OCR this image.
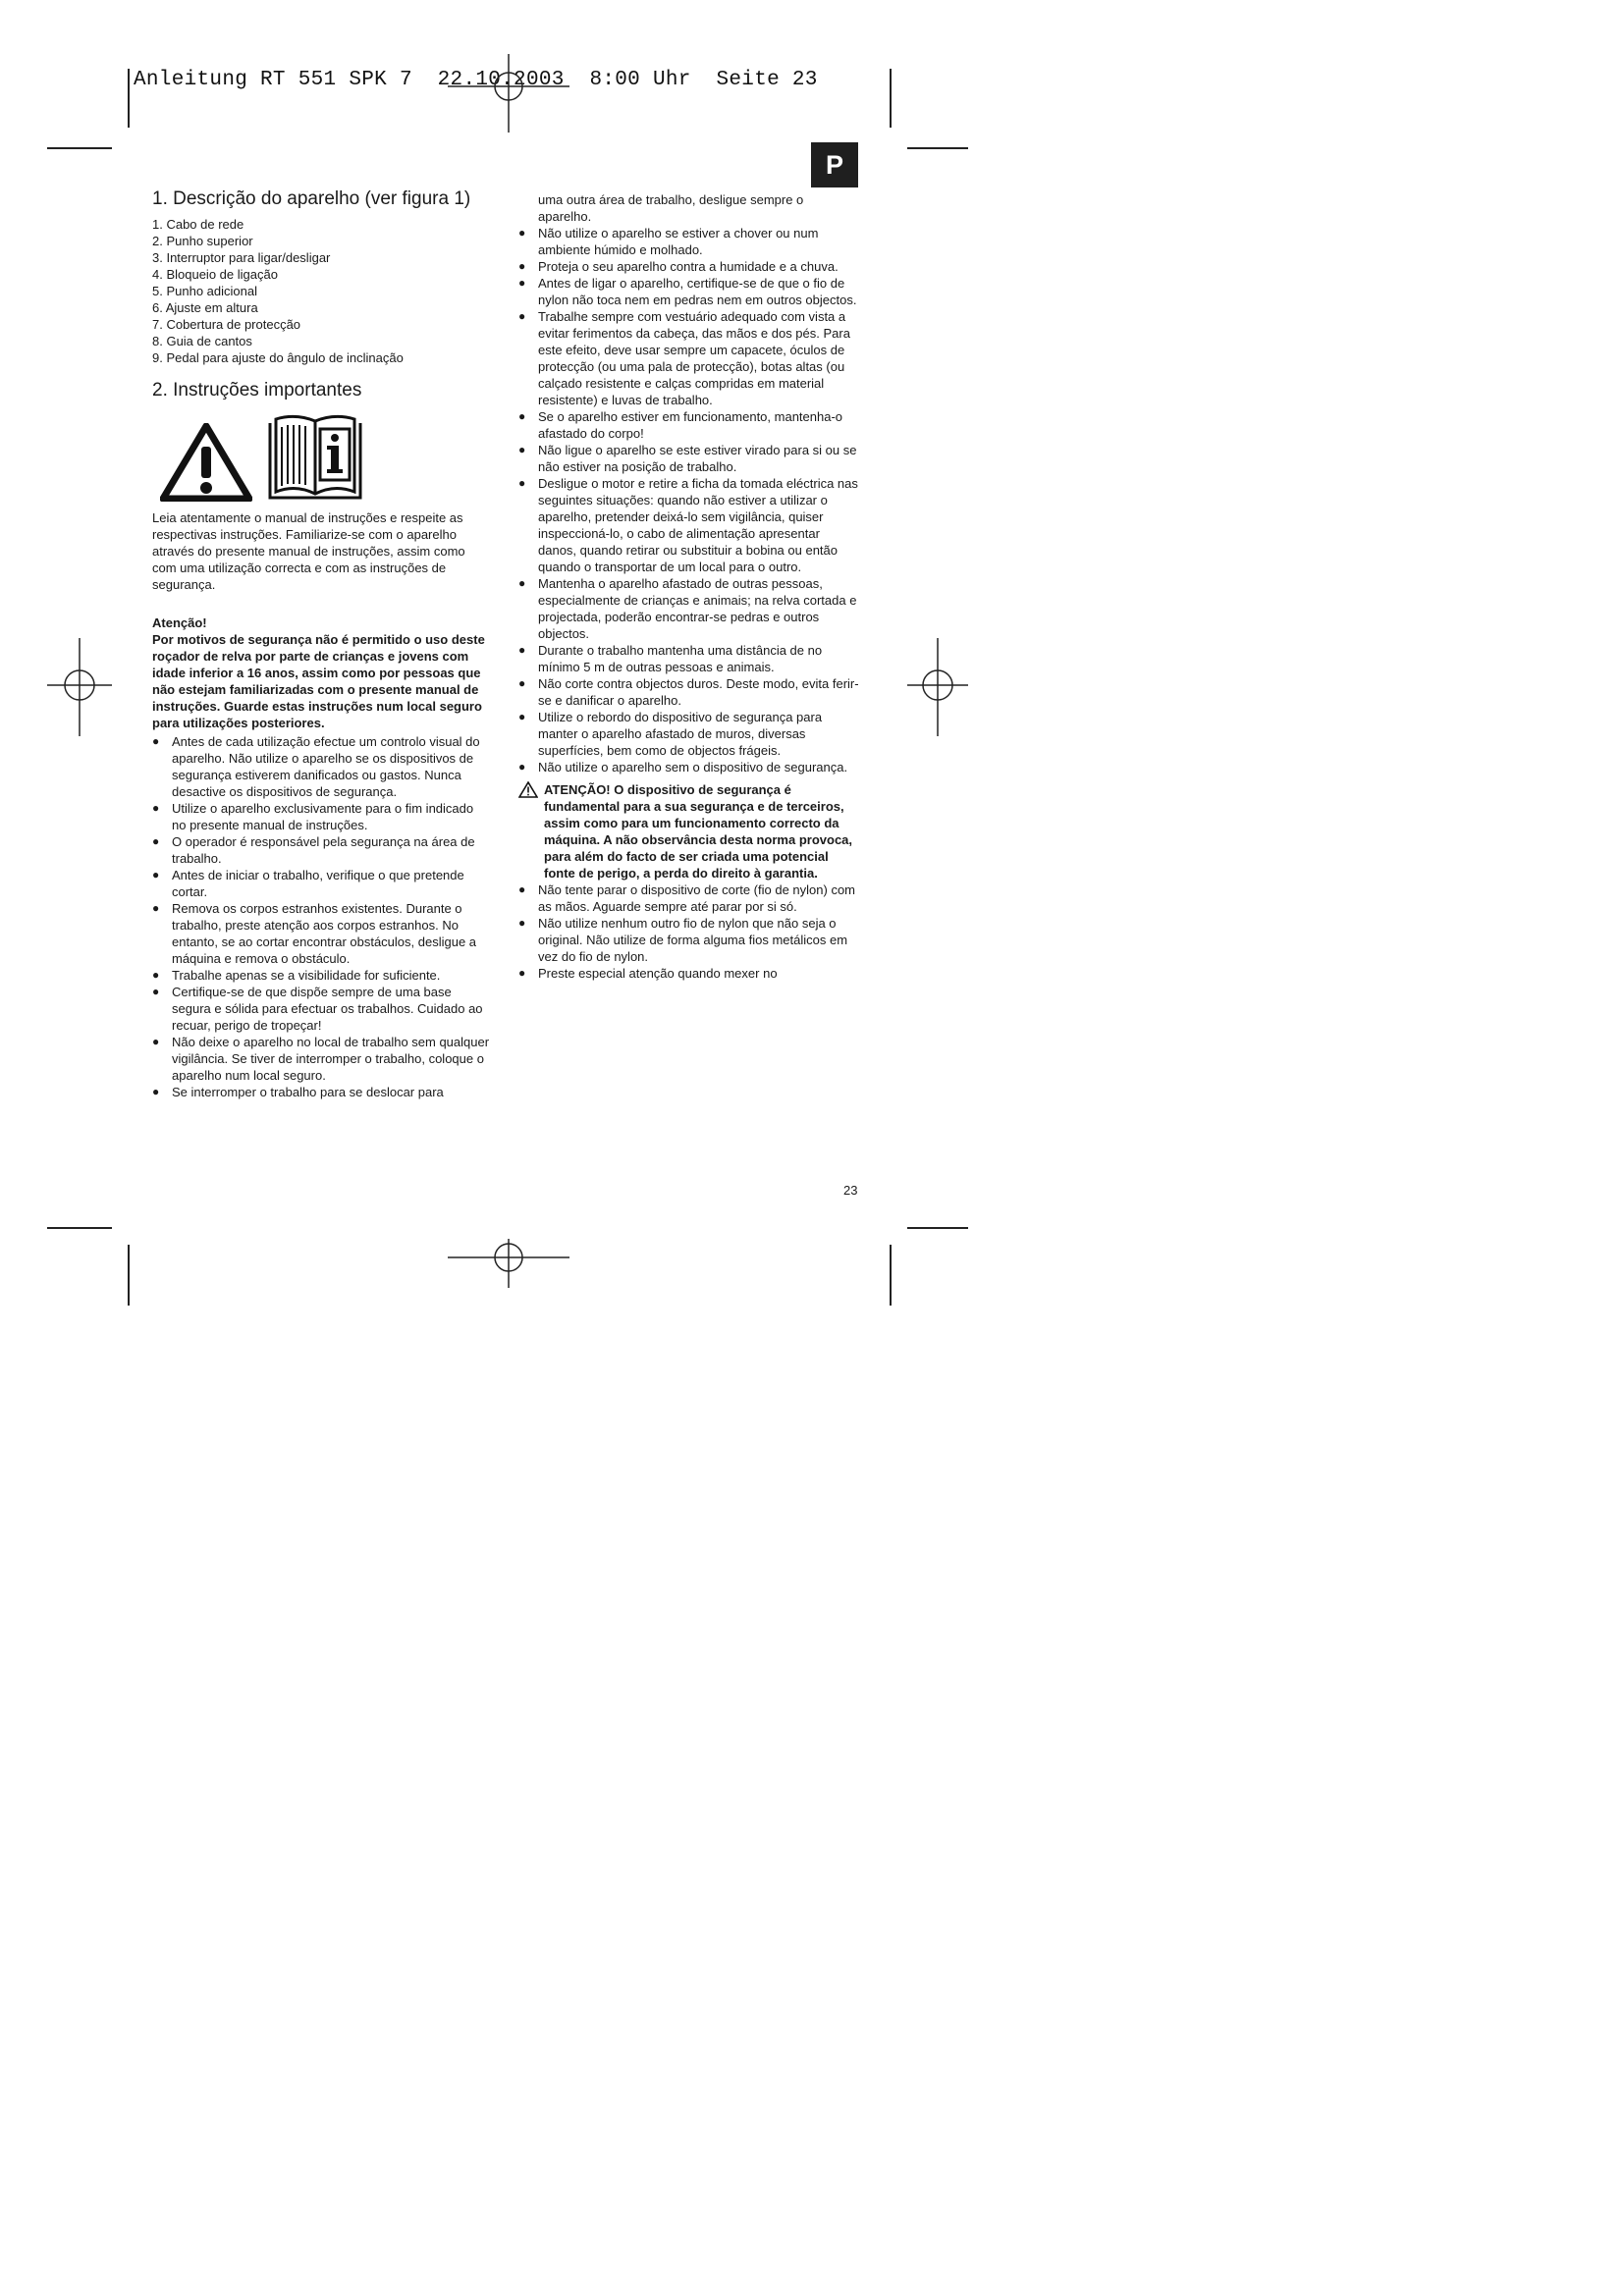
Anleitung RT 551 SPK 7  22.10.2003  8:00 Uhr  Seite 23
P
1. Descrição do aparelho (ver figura 1)
1. Cabo de rede
2. Punho superior
3. Interruptor para ligar/desligar
4. Bloqueio de ligação
5. Punho adicional
6. Ajuste em altura
7. Cobertura de protecção
8. Guia de cantos
9. Pedal para ajuste do ângulo de inclinação
2. Instruções importantes

Leia atentamente o manual de instruções e respeite as respectivas instruções. Familiarize-se com o aparelho através do presente manual de instruções, assim como com uma utilização correcta e com as instruções de segurança.

Atenção!

Por motivos de segurança não é permitido o uso deste roçador de relva por parte de crianças e jovens com idade inferior a 16 anos, assim como por pessoas que não estejam familiarizadas com o presente manual de instruções. Guarde estas instruções num local seguro para utilizações posteriores.

● Antes de cada utilização efectue um controlo visual do aparelho. Não utilize o aparelho se os dispositivos de segurança estiverem danificados ou gastos. Nunca desactive os dispositivos de segurança.
● Utilize o aparelho exclusivamente para o fim indicado no presente manual de instruções.
● O operador é responsável pela segurança na área de trabalho.
● Antes de iniciar o trabalho, verifique o que pretende cortar.
● Remova os corpos estranhos existentes. Durante o trabalho, preste atenção aos corpos estranhos. No entanto, se ao cortar encontrar obstáculos, desligue a máquina e remova o obstáculo.
● Trabalhe apenas se a visibilidade for suficiente.
● Certifique-se de que dispõe sempre de uma base segura e sólida para efectuar os trabalhos. Cuidado ao recuar, perigo de tropeçar!
● Não deixe o aparelho no local de trabalho sem qualquer vigilância. Se tiver de interromper o trabalho, coloque o aparelho num local seguro.
● Se interromper o trabalho para se deslocar para

uma outra área de trabalho, desligue sempre o aparelho.

● Não utilize o aparelho se estiver a chover ou num ambiente húmido e molhado.
● Proteja o seu aparelho contra a humidade e a chuva.
● Antes de ligar o aparelho, certifique-se de que o fio de nylon não toca nem em pedras nem em outros objectos.
● Trabalhe sempre com vestuário adequado com vista a evitar ferimentos da cabeça, das mãos e dos pés. Para este efeito, deve usar sempre um capacete, óculos de protecção (ou uma pala de protecção), botas altas (ou calçado resistente e calças compridas em material resistente) e luvas de trabalho.
● Se o aparelho estiver em funcionamento, mantenha-o afastado do corpo!
● Não ligue o aparelho se este estiver virado para si ou se não estiver na posição de trabalho.
● Desligue o motor e retire a ficha da tomada eléctrica nas seguintes situações: quando não estiver a utilizar o aparelho, pretender deixá-lo sem vigilância, quiser inspeccioná-lo, o cabo de alimentação apresentar danos, quando retirar ou substituir a bobina ou então quando o transportar de um local para o outro.
● Mantenha o aparelho afastado de outras pessoas, especialmente de crianças e animais; na relva cortada e projectada, poderão encontrar-se pedras e outros objectos.
● Durante o trabalho mantenha uma distância de no mínimo 5 m de outras pessoas e animais.
● Não corte contra objectos duros. Deste modo, evita ferir-se e danificar o aparelho.
● Utilize o rebordo do dispositivo de segurança para manter o aparelho afastado de muros, diversas superfícies, bem como de objectos frágeis.
● Não utilize o aparelho sem o dispositivo de segurança.
ATENÇÃO! O dispositivo de segurança é fundamental para a sua segurança e de terceiros, assim como para um funcionamento correcto da máquina. A não observância desta norma provoca, para além do facto de ser criada uma potencial fonte de perigo, a perda do direito à garantia.
● Não tente parar o dispositivo de corte (fio de nylon) com as mãos. Aguarde sempre até parar por si só.
● Não utilize nenhum outro fio de nylon que não seja o original. Não utilize de forma alguma fios metálicos em vez do fio de nylon.
● Preste especial atenção quando mexer no
23
